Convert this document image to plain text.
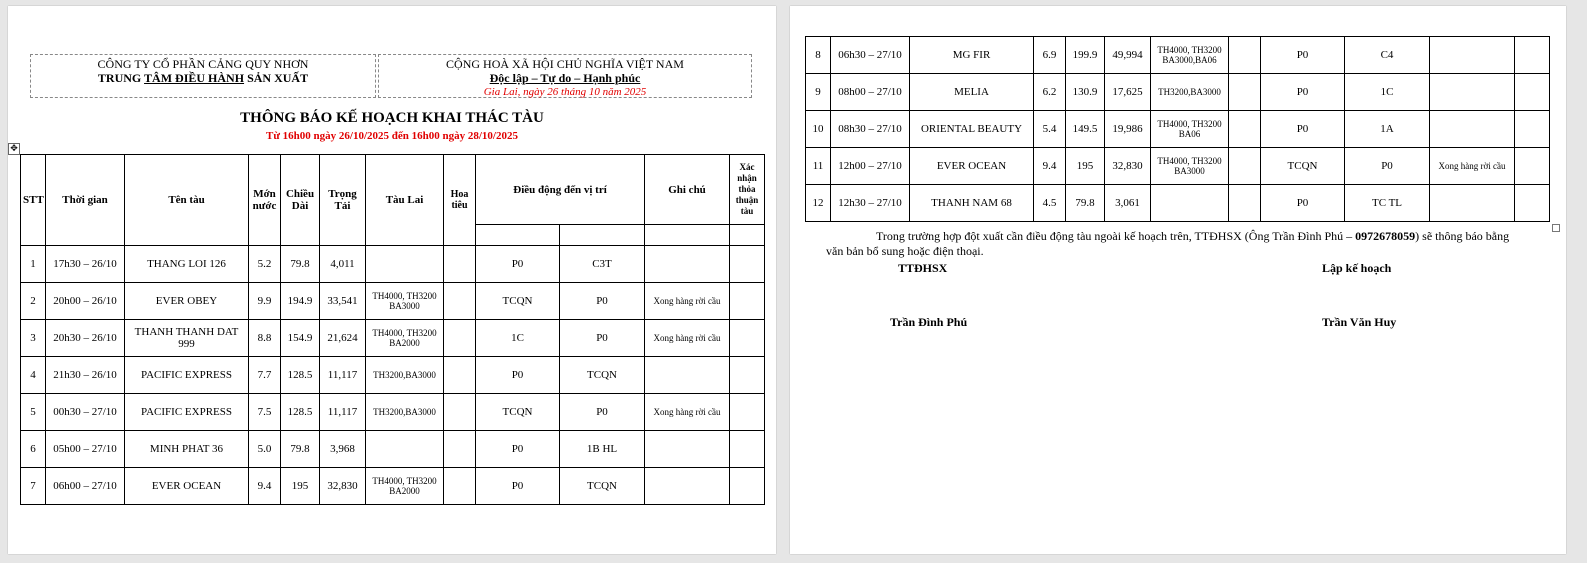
CÔNG TY CỔ PHẦN CẢNG QUY NHƠN
TRUNG TÂM ĐIỀU HÀNH SẢN XUẤT
CỘNG HOÀ XÃ HỘI CHỦ NGHĨA VIỆT NAM
Độc lập – Tự do – Hạnh phúc
Gia Lai, ngày 26 tháng 10 năm 2025
THÔNG BÁO KẾ HOẠCH KHAI THÁC TÀU
Từ 16h00 ngày 26/10/2025 đến 16h00 ngày 28/10/2025
✥
STT	Thời gian	Tên tàu	Mớn nước	Chiều Dài	Trọng Tải	Tàu Lai	Hoa tiêu	Điều động đến vị trí		Ghi chú	Xác nhận thỏa thuận tàu

1	17h30 – 26/10	THANG LOI 126	5.2	79.8	4,011			P0	C3T		
2	20h00 – 26/10	EVER OBEY	9.9	194.9	33,541	TH4000, TH3200 BA3000		TCQN	P0	Xong hàng rời cầu	
3	20h30 – 26/10	THANH THANH DAT 999	8.8	154.9	21,624	TH4000, TH3200 BA2000		1C	P0	Xong hàng rời cầu	
4	21h30 – 26/10	PACIFIC EXPRESS	7.7	128.5	11,117	TH3200,BA3000		P0	TCQN		
5	00h30 – 27/10	PACIFIC EXPRESS	7.5	128.5	11,117	TH3200,BA3000		TCQN	P0	Xong hàng rời cầu	
6	05h00 – 27/10	MINH PHAT 36	5.0	79.8	3,968			P0	1B HL		
7	06h00 – 27/10	EVER OCEAN	9.4	195	32,830	TH4000, TH3200 BA2000		P0	TCQN		
8	06h30 – 27/10	MG FIR	6.9	199.9	49,994	TH4000, TH3200 BA3000,BA06		P0	C4		
9	08h00 – 27/10	MELIA	6.2	130.9	17,625	TH3200,BA3000		P0	1C		
10	08h30 – 27/10	ORIENTAL BEAUTY	5.4	149.5	19,986	TH4000, TH3200 BA06		P0	1A		
11	12h00 – 27/10	EVER OCEAN	9.4	195	32,830	TH4000, TH3200 BA3000		TCQN	P0	Xong hàng rời cầu	
12	12h30 – 27/10	THANH NAM 68	4.5	79.8	3,061			P0	TC TL		
Trong trường hợp đột xuất cần điều động tàu ngoài kế hoạch trên, TTĐHSX (Ông Trần Đình Phú – 0972678059) sẽ thông báo bằng văn bản bổ sung hoặc điện thoại.
TTĐHSX
Trần Đình Phú
Lập kế hoạch
Trần Văn Huy
